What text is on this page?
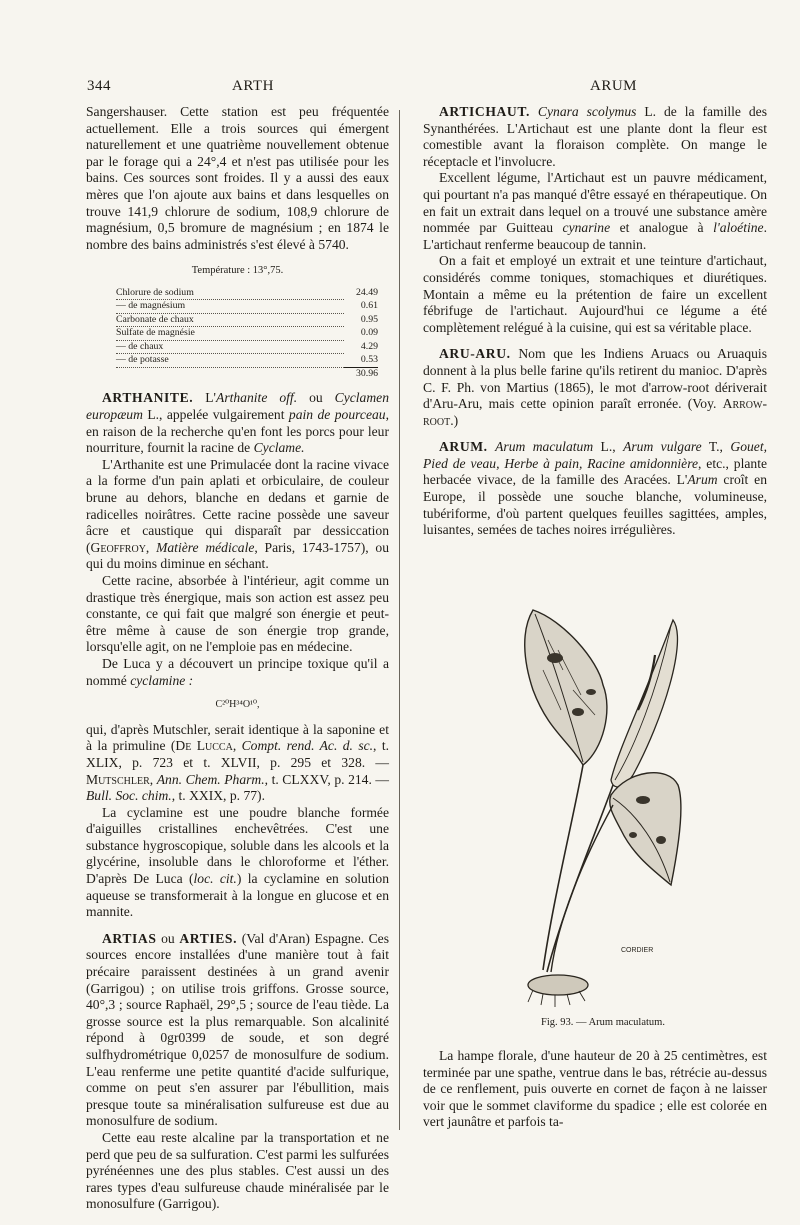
344	ARTH	ARUM

Sangershauser. Cette station est peu fréquentée actuellement. Elle a trois sources qui émergent naturellement et une quatrième nouvellement obtenue par le forage qui a 24°,4 et n'est pas utilisée pour les bains. Ces sources sont froides. Il y a aussi des eaux mères que l'on ajoute aux bains et dans lesquelles on trouve 141,9 chlorure de sodium, 108,9 chlorure de magnésium, 0,5 bromure de magnésium ; en 1874 le nombre des bains administrés s'est élevé à 5740.

Température : 13°,75.
Chlorure de sodium	24.49
— de magnésium	0.61
Carbonate de chaux	0.95
Sulfate de magnésie	0.09
— de chaux	4.29
— de potasse	0.53
	30.96

ARTHANITE. L'Arthanite off. ou Cyclamen europæum L., appelée vulgairement pain de pourceau, en raison de la recherche qu'en font les porcs pour leur nourriture, fournit la racine de Cyclame.

L'Arthanite est une Primulacée dont la racine vivace a la forme d'un pain aplati et orbiculaire, de couleur brune au dehors, blanche en dedans et garnie de radicelles noirâtres. Cette racine possède une saveur âcre et caustique qui disparaît par dessiccation (Geoffroy, Matière médicale, Paris, 1743-1757), ou qui du moins diminue en séchant.

Cette racine, absorbée à l'intérieur, agit comme un drastique très énergique, mais son action est assez peu constante, ce qui fait que malgré son énergie et peut-être même à cause de son énergie trop grande, lorsqu'elle agit, on ne l'emploie pas en médecine.

De Luca y a découvert un principe toxique qu'il a nommé cyclamine :

C²⁰H³⁴O¹⁰,

qui, d'après Mutschler, serait identique à la saponine et à la primuline (De Lucca, Compt. rend. Ac. d. sc., t. XLIX, p. 723 et t. XLVII, p. 295 et 328. — Mutschler, Ann. Chem. Pharm., t. CLXXV, p. 214. — Bull. Soc. chim., t. XXIX, p. 77).

La cyclamine est une poudre blanche formée d'aiguilles cristallines enchevêtrées. C'est une substance hygroscopique, soluble dans les alcools et la glycérine, insoluble dans le chloroforme et l'éther. D'après De Luca (loc. cit.) la cyclamine en solution aqueuse se transformerait à la longue en glucose et en mannite.

ARTIAS ou ARTIES. (Val d'Aran) Espagne. Ces sources encore installées d'une manière tout à fait précaire paraissent destinées à un grand avenir (Garrigou) ; on utilise trois griffons. Grosse source, 40°,3 ; source Raphaël, 29°,5 ; source de l'eau tiède. La grosse source est la plus remarquable. Son alcalinité répond à 0gr0399 de soude, et son degré sulfhydrométrique 0,0257 de monosulfure de sodium. L'eau renferme une petite quantité d'acide sulfurique, comme on peut s'en assurer par l'ébullition, mais presque toute sa minéralisation sulfureuse est due au monosulfure de sodium.

Cette eau reste alcaline par la transportation et ne perd que peu de sa sulfuration. C'est parmi les sulfurées pyrénéennes une des plus stables. C'est aussi un des rares types d'eau sulfureuse chaude minéralisée par le monosulfure (Garrigou).

ARTICHAUT. Cynara scolymus L. de la famille des Synanthérées. L'Artichaut est une plante dont la fleur est comestible avant la floraison complète. On mange le réceptacle et l'involucre.

Excellent légume, l'Artichaut est un pauvre médicament, qui pourtant n'a pas manqué d'être essayé en thérapeutique. On en fait un extrait dans lequel on a trouvé une substance amère nommée par Guitteau cynarine et analogue à l'aloétine. L'artichaut renferme beaucoup de tannin.

On a fait et employé un extrait et une teinture d'artichaut, considérés comme toniques, stomachiques et diurétiques. Montain a même eu la prétention de faire un excellent fébrifuge de l'artichaut. Aujourd'hui ce légume a été complètement relégué à la cuisine, qui est sa véritable place.

ARU-ARU. Nom que les Indiens Aruacs ou Aruaquis donnent à la plus belle farine qu'ils retirent du manioc. D'après C. F. Ph. von Martius (1865), le mot d'arrow-root dériverait d'Aru-Aru, mais cette opinion paraît erronée. (Voy. Arrow-root.)

ARUM. Arum maculatum L., Arum vulgare T., Gouet, Pied de veau, Herbe à pain, Racine amidonnière, etc., plante herbacée vivace, de la famille des Aracées. L'Arum croît en Europe, il possède une souche blanche, volumineuse, tubériforme, d'où partent quelques feuilles sagittées, amples, luisantes, semées de taches noires irrégulières.

CORDIER
Fig. 93. — Arum maculatum.

La hampe florale, d'une hauteur de 20 à 25 centimètres, est terminée par une spathe, ventrue dans le bas, rétrécie au-dessus de ce renflement, puis ouverte en cornet de façon à ne laisser voir que le sommet claviforme du spadice ; elle est colorée en vert jaunâtre et parfois ta-
